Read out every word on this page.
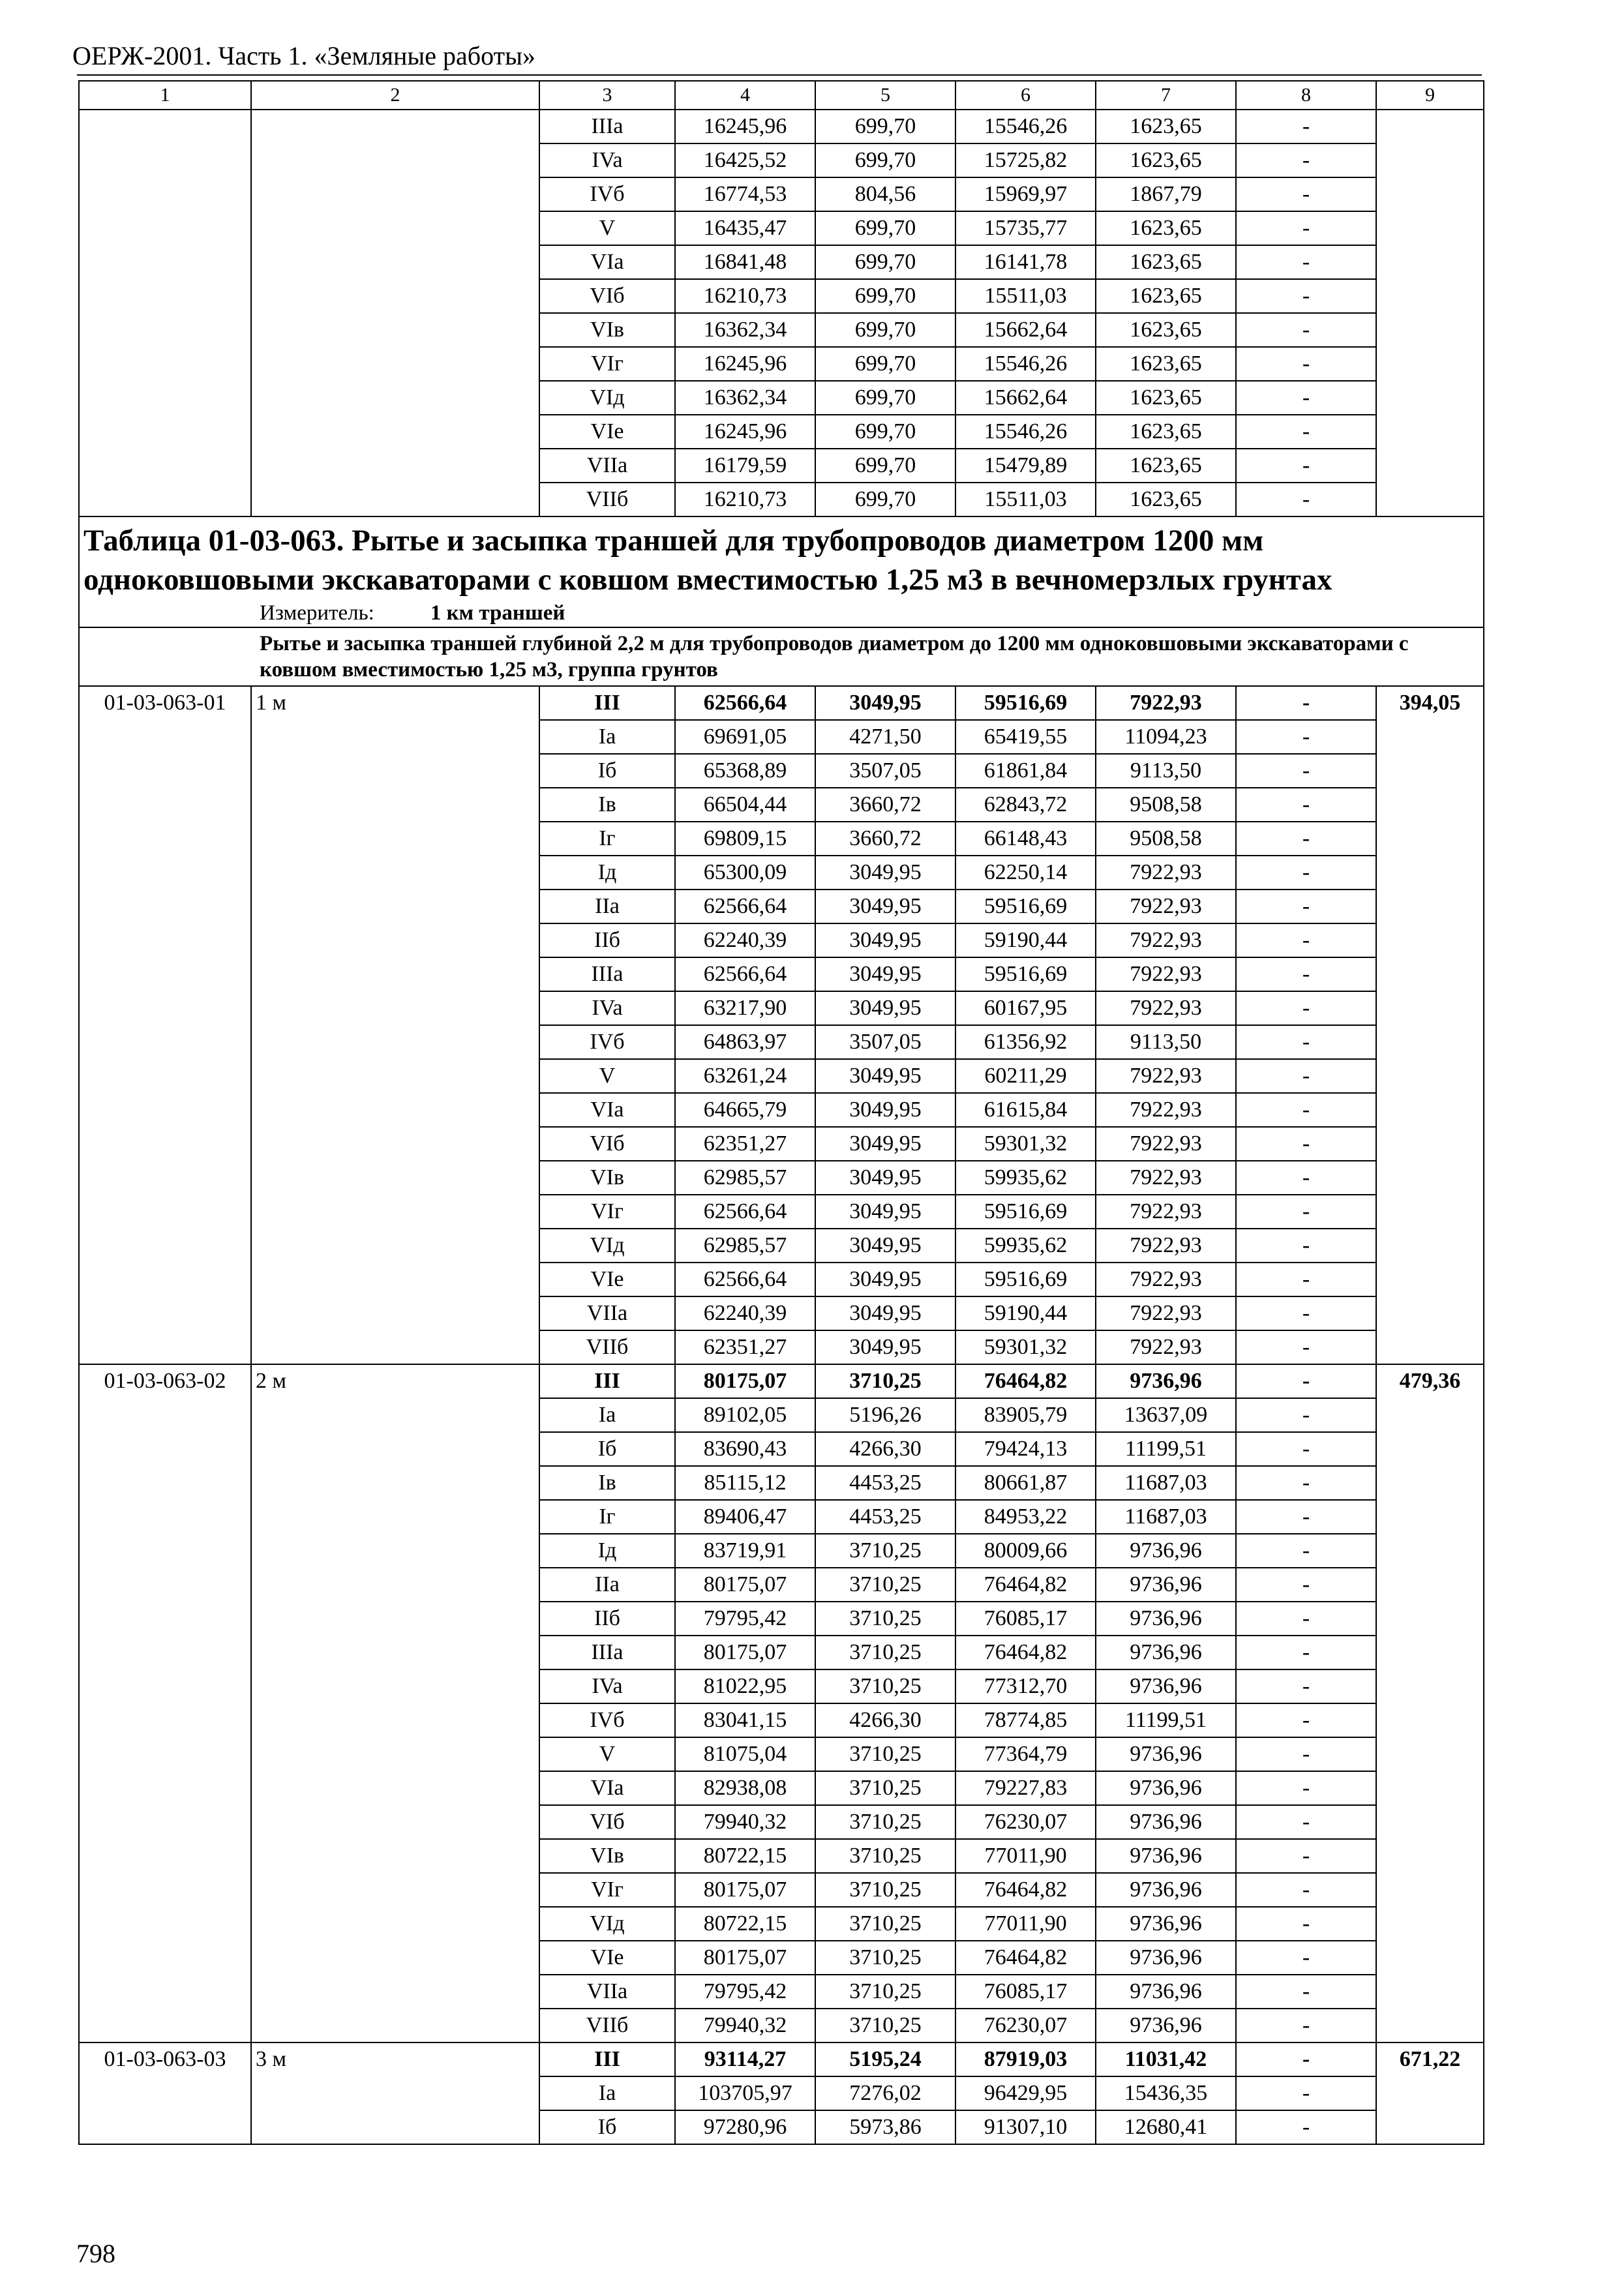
ОЕРЖ-2001. Часть 1. «Земляные работы»
1	2	3	4	5	6	7	8	9
		IIIa	16245,96	699,70	15546,26	1623,65	-	
		IVa	16425,52	699,70	15725,82	1623,65	-	
		IVб	16774,53	804,56	15969,97	1867,79	-	
		V	16435,47	699,70	15735,77	1623,65	-	
		VIa	16841,48	699,70	16141,78	1623,65	-	
		VIб	16210,73	699,70	15511,03	1623,65	-	
		VIв	16362,34	699,70	15662,64	1623,65	-	
		VIг	16245,96	699,70	15546,26	1623,65	-	
		VIд	16362,34	699,70	15662,64	1623,65	-	
		VIe	16245,96	699,70	15546,26	1623,65	-	
		VIIa	16179,59	699,70	15479,89	1623,65	-	
		VIIб	16210,73	699,70	15511,03	1623,65	-	

Таблица 01-03-063. Рытье и засыпка траншей для трубопроводов диаметром 1200 мм одноковшовыми экскаваторами с ковшом вместимостью 1,25 м3 в вечномерзлых грунтах
Измеритель: 1 км траншей								

Рытье и засыпка траншей глубиной 2,2 м для трубопроводов диаметром до 1200 мм одноковшовыми экскаваторами с ковшом вместимостью 1,25 м3, группа грунтов								

01-03-063-01	1 м	III	62566,64	3049,95	59516,69	7922,93	-	394,05
		Ia	69691,05	4271,50	65419,55	11094,23	-	
		Iб	65368,89	3507,05	61861,84	9113,50	-	
		Iв	66504,44	3660,72	62843,72	9508,58	-	
		Iг	69809,15	3660,72	66148,43	9508,58	-	
		Iд	65300,09	3049,95	62250,14	7922,93	-	
		IIa	62566,64	3049,95	59516,69	7922,93	-	
		IIб	62240,39	3049,95	59190,44	7922,93	-	
		IIIa	62566,64	3049,95	59516,69	7922,93	-	
		IVa	63217,90	3049,95	60167,95	7922,93	-	
		IVб	64863,97	3507,05	61356,92	9113,50	-	
		V	63261,24	3049,95	60211,29	7922,93	-	
		VIa	64665,79	3049,95	61615,84	7922,93	-	
		VIб	62351,27	3049,95	59301,32	7922,93	-	
		VIв	62985,57	3049,95	59935,62	7922,93	-	
		VIг	62566,64	3049,95	59516,69	7922,93	-	
		VIд	62985,57	3049,95	59935,62	7922,93	-	
		VIe	62566,64	3049,95	59516,69	7922,93	-	
		VIIa	62240,39	3049,95	59190,44	7922,93	-	
		VIIб	62351,27	3049,95	59301,32	7922,93	-	
01-03-063-02	2 м	III	80175,07	3710,25	76464,82	9736,96	-	479,36
		Ia	89102,05	5196,26	83905,79	13637,09	-	
		Iб	83690,43	4266,30	79424,13	11199,51	-	
		Iв	85115,12	4453,25	80661,87	11687,03	-	
		Iг	89406,47	4453,25	84953,22	11687,03	-	
		Iд	83719,91	3710,25	80009,66	9736,96	-	
		IIa	80175,07	3710,25	76464,82	9736,96	-	
		IIб	79795,42	3710,25	76085,17	9736,96	-	
		IIIa	80175,07	3710,25	76464,82	9736,96	-	
		IVa	81022,95	3710,25	77312,70	9736,96	-	
		IVб	83041,15	4266,30	78774,85	11199,51	-	
		V	81075,04	3710,25	77364,79	9736,96	-	
		VIa	82938,08	3710,25	79227,83	9736,96	-	
		VIб	79940,32	3710,25	76230,07	9736,96	-	
		VIв	80722,15	3710,25	77011,90	9736,96	-	
		VIг	80175,07	3710,25	76464,82	9736,96	-	
		VIд	80722,15	3710,25	77011,90	9736,96	-	
		VIe	80175,07	3710,25	76464,82	9736,96	-	
		VIIa	79795,42	3710,25	76085,17	9736,96	-	
		VIIб	79940,32	3710,25	76230,07	9736,96	-	
01-03-063-03	3 м	III	93114,27	5195,24	87919,03	11031,42	-	671,22
		Ia	103705,97	7276,02	96429,95	15436,35	-	
		Iб	97280,96	5973,86	91307,10	12680,41	-	
798
